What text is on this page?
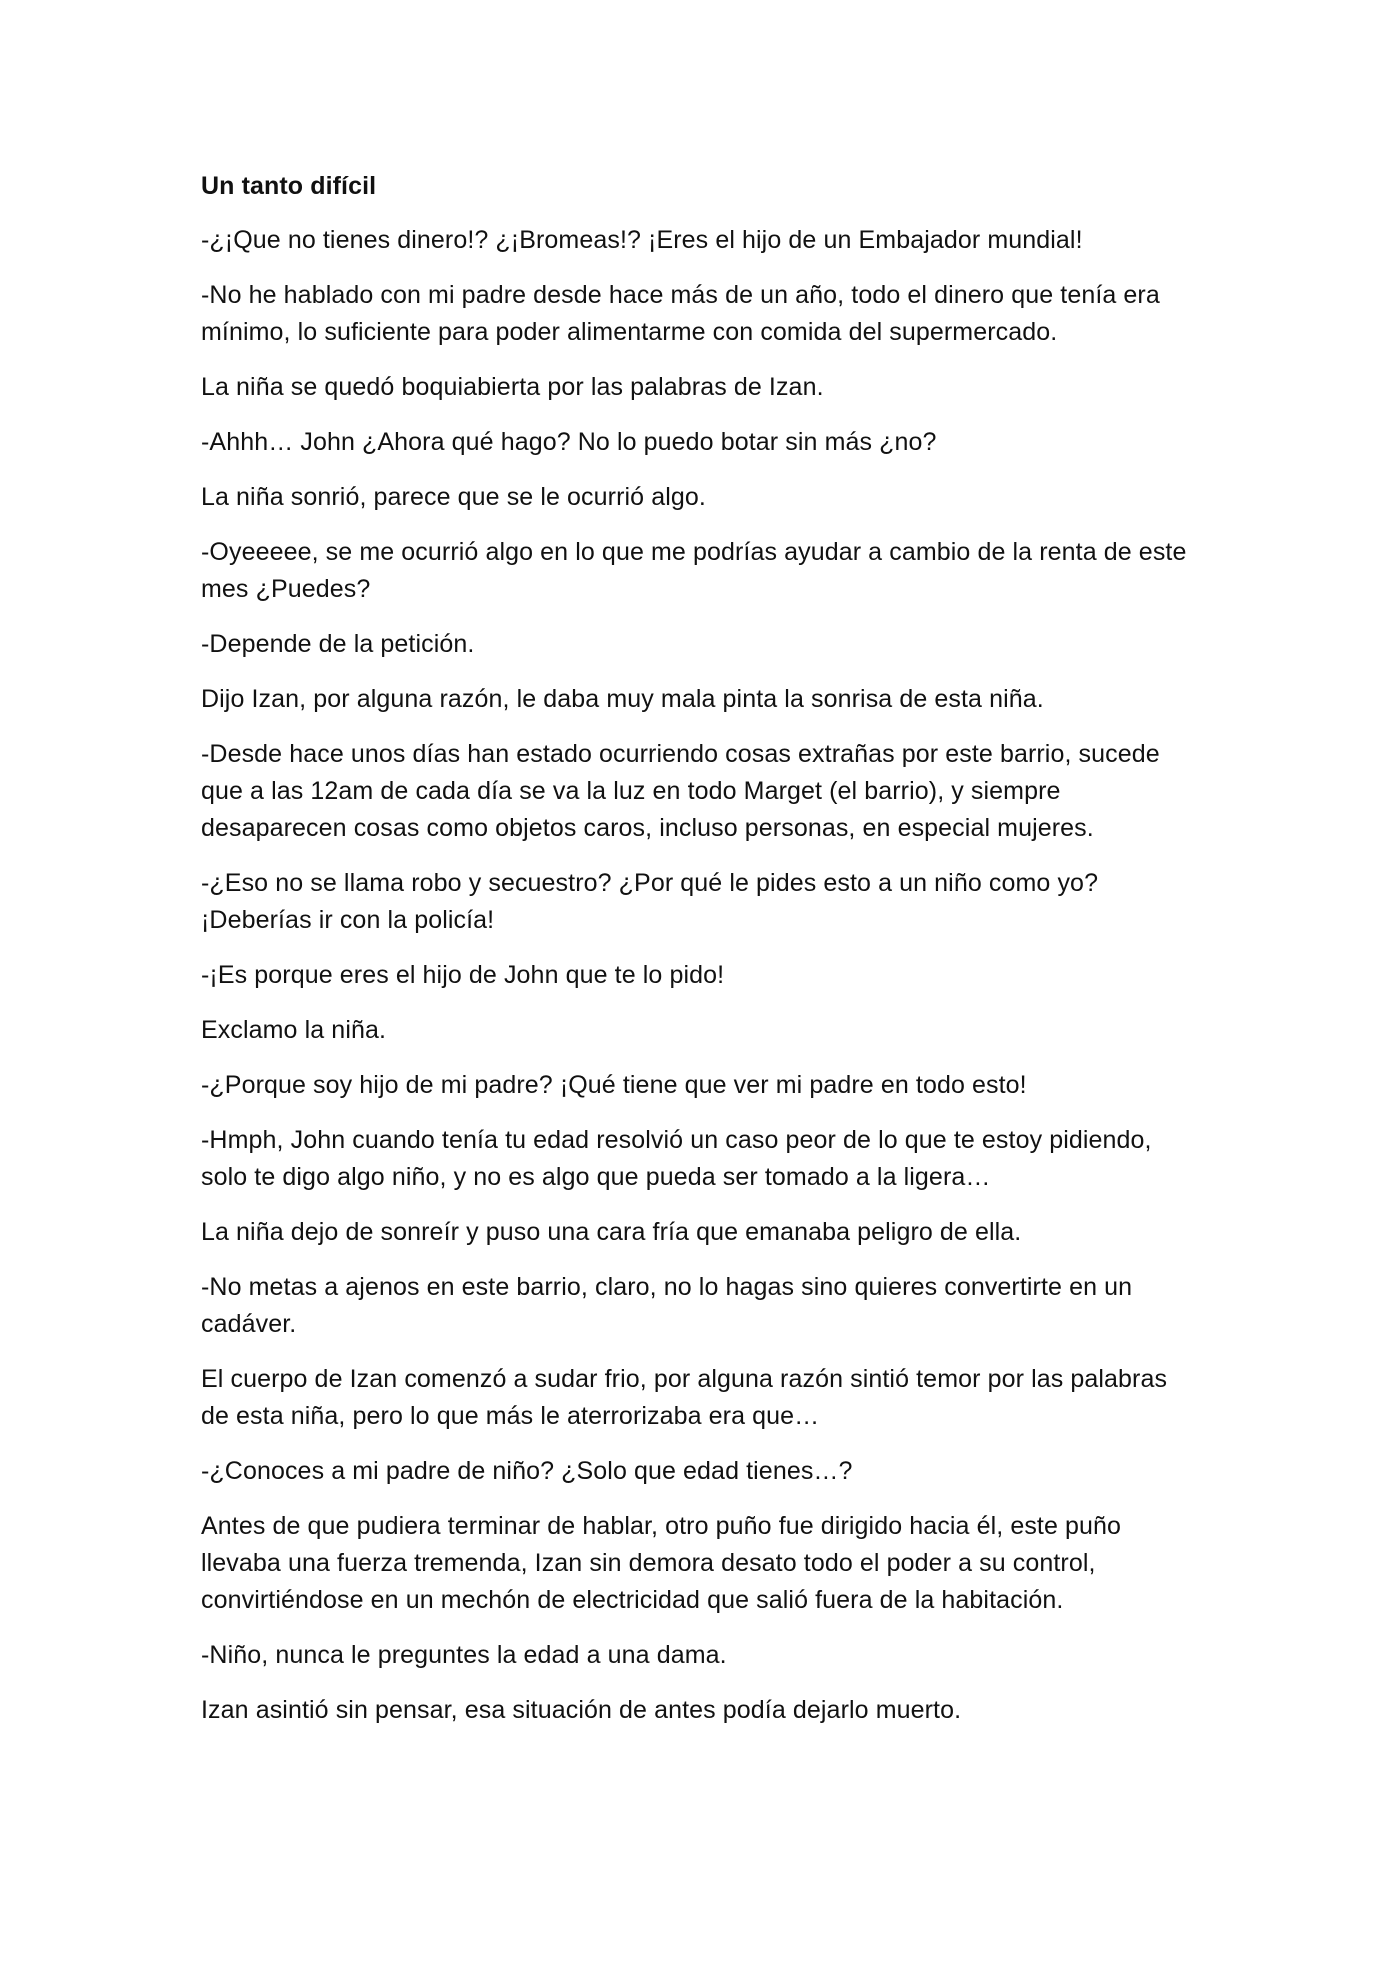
Un tanto difícil
-¿¡Que no tienes dinero!? ¿¡Bromeas!? ¡Eres el hijo de un Embajador mundial!
-No he hablado con mi padre desde hace más de un año, todo el dinero que tenía era
mínimo, lo suficiente para poder alimentarme con comida del supermercado.
La niña se quedó boquiabierta por las palabras de Izan.
-Ahhh… John ¿Ahora qué hago? No lo puedo botar sin más ¿no?
La niña sonrió, parece que se le ocurrió algo.
-Oyeeeee, se me ocurrió algo en lo que me podrías ayudar a cambio de la renta de este
mes ¿Puedes?
-Depende de la petición.
Dijo Izan, por alguna razón, le daba muy mala pinta la sonrisa de esta niña.
-Desde hace unos días han estado ocurriendo cosas extrañas por este barrio, sucede
que a las 12am de cada día se va la luz en todo Marget (el barrio), y siempre
desaparecen cosas como objetos caros, incluso personas, en especial mujeres.
-¿Eso no se llama robo y secuestro? ¿Por qué le pides esto a un niño como yo?
¡Deberías ir con la policía!
-¡Es porque eres el hijo de John que te lo pido!
Exclamo la niña.
-¿Porque soy hijo de mi padre? ¡Qué tiene que ver mi padre en todo esto!
-Hmph, John cuando tenía tu edad resolvió un caso peor de lo que te estoy pidiendo,
solo te digo algo niño, y no es algo que pueda ser tomado a la ligera…
La niña dejo de sonreír y puso una cara fría que emanaba peligro de ella.
-No metas a ajenos en este barrio, claro, no lo hagas sino quieres convertirte en un
cadáver.
El cuerpo de Izan comenzó a sudar frio, por alguna razón sintió temor por las palabras
de esta niña, pero lo que más le aterrorizaba era que…
-¿Conoces a mi padre de niño? ¿Solo que edad tienes…?
Antes de que pudiera terminar de hablar, otro puño fue dirigido hacia él, este puño
llevaba una fuerza tremenda, Izan sin demora desato todo el poder a su control,
convirtiéndose en un mechón de electricidad que salió fuera de la habitación.
-Niño, nunca le preguntes la edad a una dama.
Izan asintió sin pensar, esa situación de antes podía dejarlo muerto.
